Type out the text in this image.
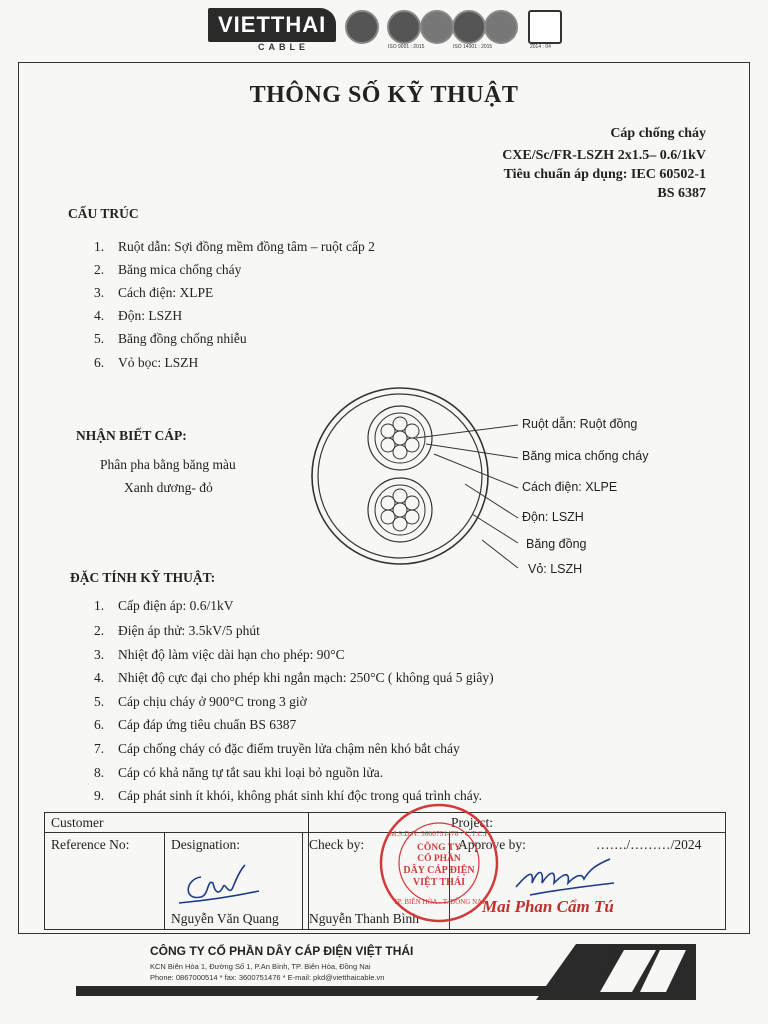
VIETTHAI
CABLE	ISO 9001 : 2015	ISO 14001 : 2015	2014 : 04
THÔNG SỐ KỸ THUẬT
Cáp chống cháy
CXE/Sc/FR-LSZH 2x1.5– 0.6/1kV
Tiêu chuẩn áp dụng: IEC 60502-1
BS 6387
CẤU TRÚC
1. Ruột dẫn: Sợi đồng mềm đồng tâm – ruột cấp 2
2. Băng mica chống cháy
3. Cách điện: XLPE
4. Độn: LSZH
5. Băng đồng chống nhiễu
6. Vỏ bọc: LSZH
NHẬN BIẾT CÁP:
Phân pha bằng băng màu
Xanh dương- đỏ
Ruột dẫn: Ruột đồng
Băng mica chống cháy
Cách điện: XLPE
Độn: LSZH
Băng đồng
Vỏ: LSZH
ĐẶC TÍNH KỸ THUẬT:
1. Cấp điện áp: 0.6/1kV
2. Điện áp thử: 3.5kV/5 phút
3. Nhiệt độ làm việc dài hạn cho phép: 90°C
4. Nhiệt độ cực đại cho phép khi ngắn mạch: 250°C ( không quá 5 giây)
5. Cáp chịu cháy ở 900°C trong 3 giờ
6. Cáp đáp ứng tiêu chuẩn BS 6387
7. Cáp chống cháy có đặc điểm truyền lửa chậm nên khó bắt cháy
8. Cáp có khả năng tự tắt sau khi loại bỏ nguồn lửa.
9. Cáp phát sinh ít khói, không phát sinh khí độc trong quá trình cháy.
Customer	Project:
Reference No:	Designation:
Nguyễn Văn Quang
Check by:
Nguyễn Thanh Bình
Approve by:	……./………/2024
Mai Phan Cẩm Tú
M.S.D.N: 3600751476 · C.T.C.P
CÔNG TY
CỔ PHẦN
DÂY CÁP ĐIỆN
VIỆT THÁI
TP. BIÊN HÒA - T. ĐỒNG NAI
CÔNG TY CỔ PHẦN DÂY CÁP ĐIỆN VIỆT THÁI
KCN Biên Hòa 1, Đường Số 1, P.An Bình, TP. Biên Hòa, Đồng Nai
Phone: 0867000514 * fax: 3600751476 * E-mail: pkd@vietthaicable.vn
